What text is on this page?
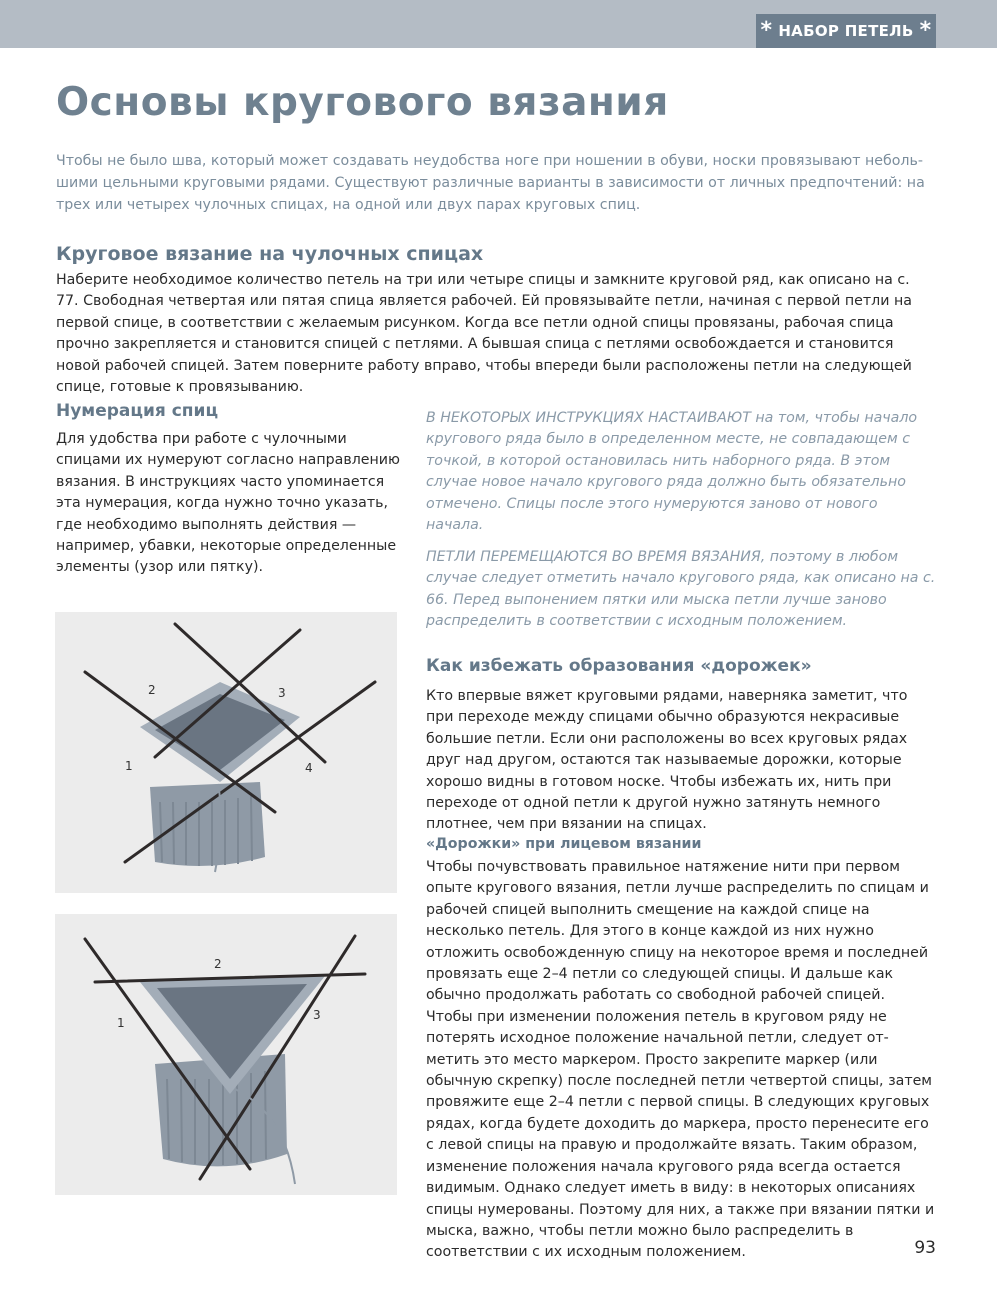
* НАБОР ПЕТЕЛЬ *
Основы кругового вязания

Чтобы не было шва, который может создавать неудобства ноге при ношении в обуви, носки провязывают небольшими цельными круговыми рядами. Существуют различные варианты в зависимости от личных предпочтений: на трех или четырех чулочных спицах, на одной или двух парах круговых спиц.

Круговое вязание на чулочных спицах

Наберите необходимое количество петель на три или четыре спицы и замкните круговой ряд, как описано на с. 77. Свободная четвертая или пятая спица является рабочей. Ей провязывайте петли, начиная с первой петли на первой спице, в соответствии с желаемым рисунком. Когда все петли одной спицы провязаны, рабочая спица прочно закрепляется и становится спицей с петлями. А бывшая спица с петлями освобождается и становится новой рабочей спицей. Затем поверните работу вправо, чтобы впереди были расположены петли на следующей спице, готовые к провязыванию.

Нумерация спиц

Для удобства при работе с чулочными спицами их нумеруют согласно направлению вязания. В инструкциях часто упоминается эта нумерация, когда нужно точно указать, где необходимо выполнять действия — например, убавки, некоторые определенные элементы (узор или пятку).

В НЕКОТОРЫХ ИНСТРУКЦИЯХ НАСТАИВАЮТ на том, чтобы начало кругового ряда было в определенном месте, не совпадающем с точкой, в которой остановилась нить наборного ряда. В этом случае новое начало кругового ряда должно быть обязательно отмечено. Спицы после этого нумеруются заново от нового начала.

ПЕТЛИ ПЕРЕМЕЩАЮТСЯ ВО ВРЕМЯ ВЯЗАНИЯ, поэтому в любом случае следует отметить начало кругового ряда, как описано на с. 66. Перед выпонением пятки или мыска петли лучше заново распределить в соответствии с исходным положением.

Как избежать образования «дорожек»

Кто впервые вяжет круговыми рядами, наверняка заметит, что при переходе между спицами обычно образуются некрасивые большие петли. Если они расположены во всех круговых рядах друг над другом, остаются так называемые дорожки, которые хорошо видны в готовом носке. Чтобы избежать их, нить при переходе от одной петли к другой нужно затянуть немного плотнее, чем при вязании на спицах.

«Дорожки» при лицевом вязании

Чтобы почувствовать правильное натяжение нити при первом опыте кругового вязания, петли лучше распределить по спицам и рабочей спицей выполнить смещение на каждой спице на несколько петель. Для этого в конце каждой из них нужно отложить освобожденную спицу на некоторое время и последней провязать еще 2–4 петли со следующей спицы. И дальше как обычно продолжать работать со свободной рабочей спицей. Чтобы при изменении положения петель в круговом ряду не потерять исходное положение начальной петли, следует отметить это место маркером. Просто закрепите маркер (или обычную скрепку) после последней петли четвертой спицы, затем провяжите еще 2–4 петли с первой спицы. В следующих круговых рядах, когда будете доходить до маркера, просто перенесите его с левой спицы на правую и продолжайте вязать. Таким образом, изменение положения начала кругового ряда всегда остается видимым. Однако следует иметь в виду: в некоторых описаниях спицы нумерованы. Поэтому для них, а также при вязании пятки и мыска, важно, чтобы петли можно было распределить в соответствии с их исходным положением.

1
2	3
4
1
2
3
93
